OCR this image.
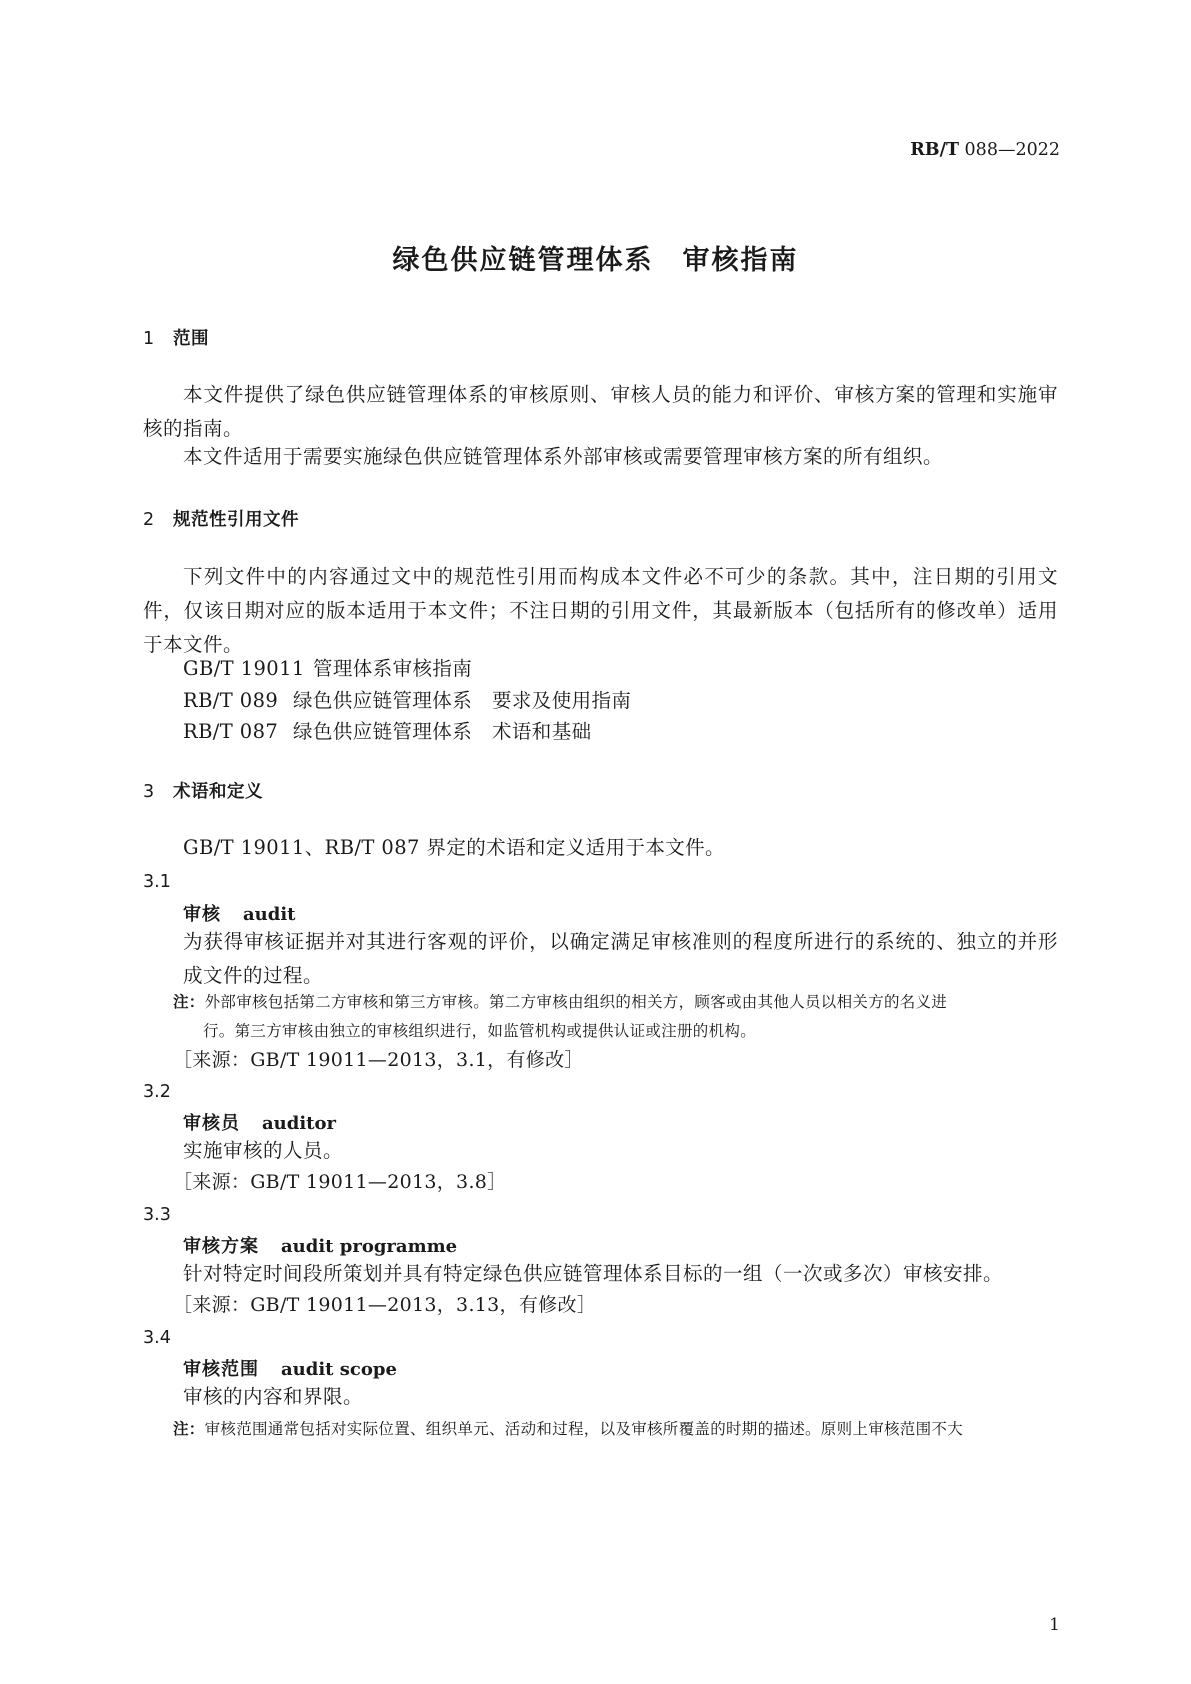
RB/T 088—2022
绿色供应链管理体系　审核指南
1 范围
本文件提供了绿色供应链管理体系的审核原则、审核人员的能力和评价、审核方案的管理和实施审核的指南。
本文件适用于需要实施绿色供应链管理体系外部审核或需要管理审核方案的所有组织。
2 规范性引用文件
下列文件中的内容通过文中的规范性引用而构成本文件必不可少的条款。其中，注日期的引用文件，仅该日期对应的版本适用于本文件；不注日期的引用文件，其最新版本（包括所有的修改单）适用于本文件。
GB/T 19011 管理体系审核指南
RB/T 089 绿色供应链管理体系　要求及使用指南
RB/T 087 绿色供应链管理体系　术语和基础
3 术语和定义
GB/T 19011、RB/T 087 界定的术语和定义适用于本文件。
3.1
审核 audit
为获得审核证据并对其进行客观的评价，以确定满足审核准则的程度所进行的系统的、独立的并形成文件的过程。
注：外部审核包括第二方审核和第三方审核。第二方审核由组织的相关方，顾客或由其他人员以相关方的名义进
行。第三方审核由独立的审核组织进行，如监管机构或提供认证或注册的机构。
［来源：GB/T 19011—2013，3.1，有修改］
3.2
审核员 auditor
实施审核的人员。
［来源：GB/T 19011—2013，3.8］
3.3
审核方案 audit programme
针对特定时间段所策划并具有特定绿色供应链管理体系目标的一组（一次或多次）审核安排。
［来源：GB/T 19011—2013，3.13，有修改］
3.4
审核范围 audit scope
审核的内容和界限。
注：审核范围通常包括对实际位置、组织单元、活动和过程，以及审核所覆盖的时期的描述。原则上审核范围不大
1
